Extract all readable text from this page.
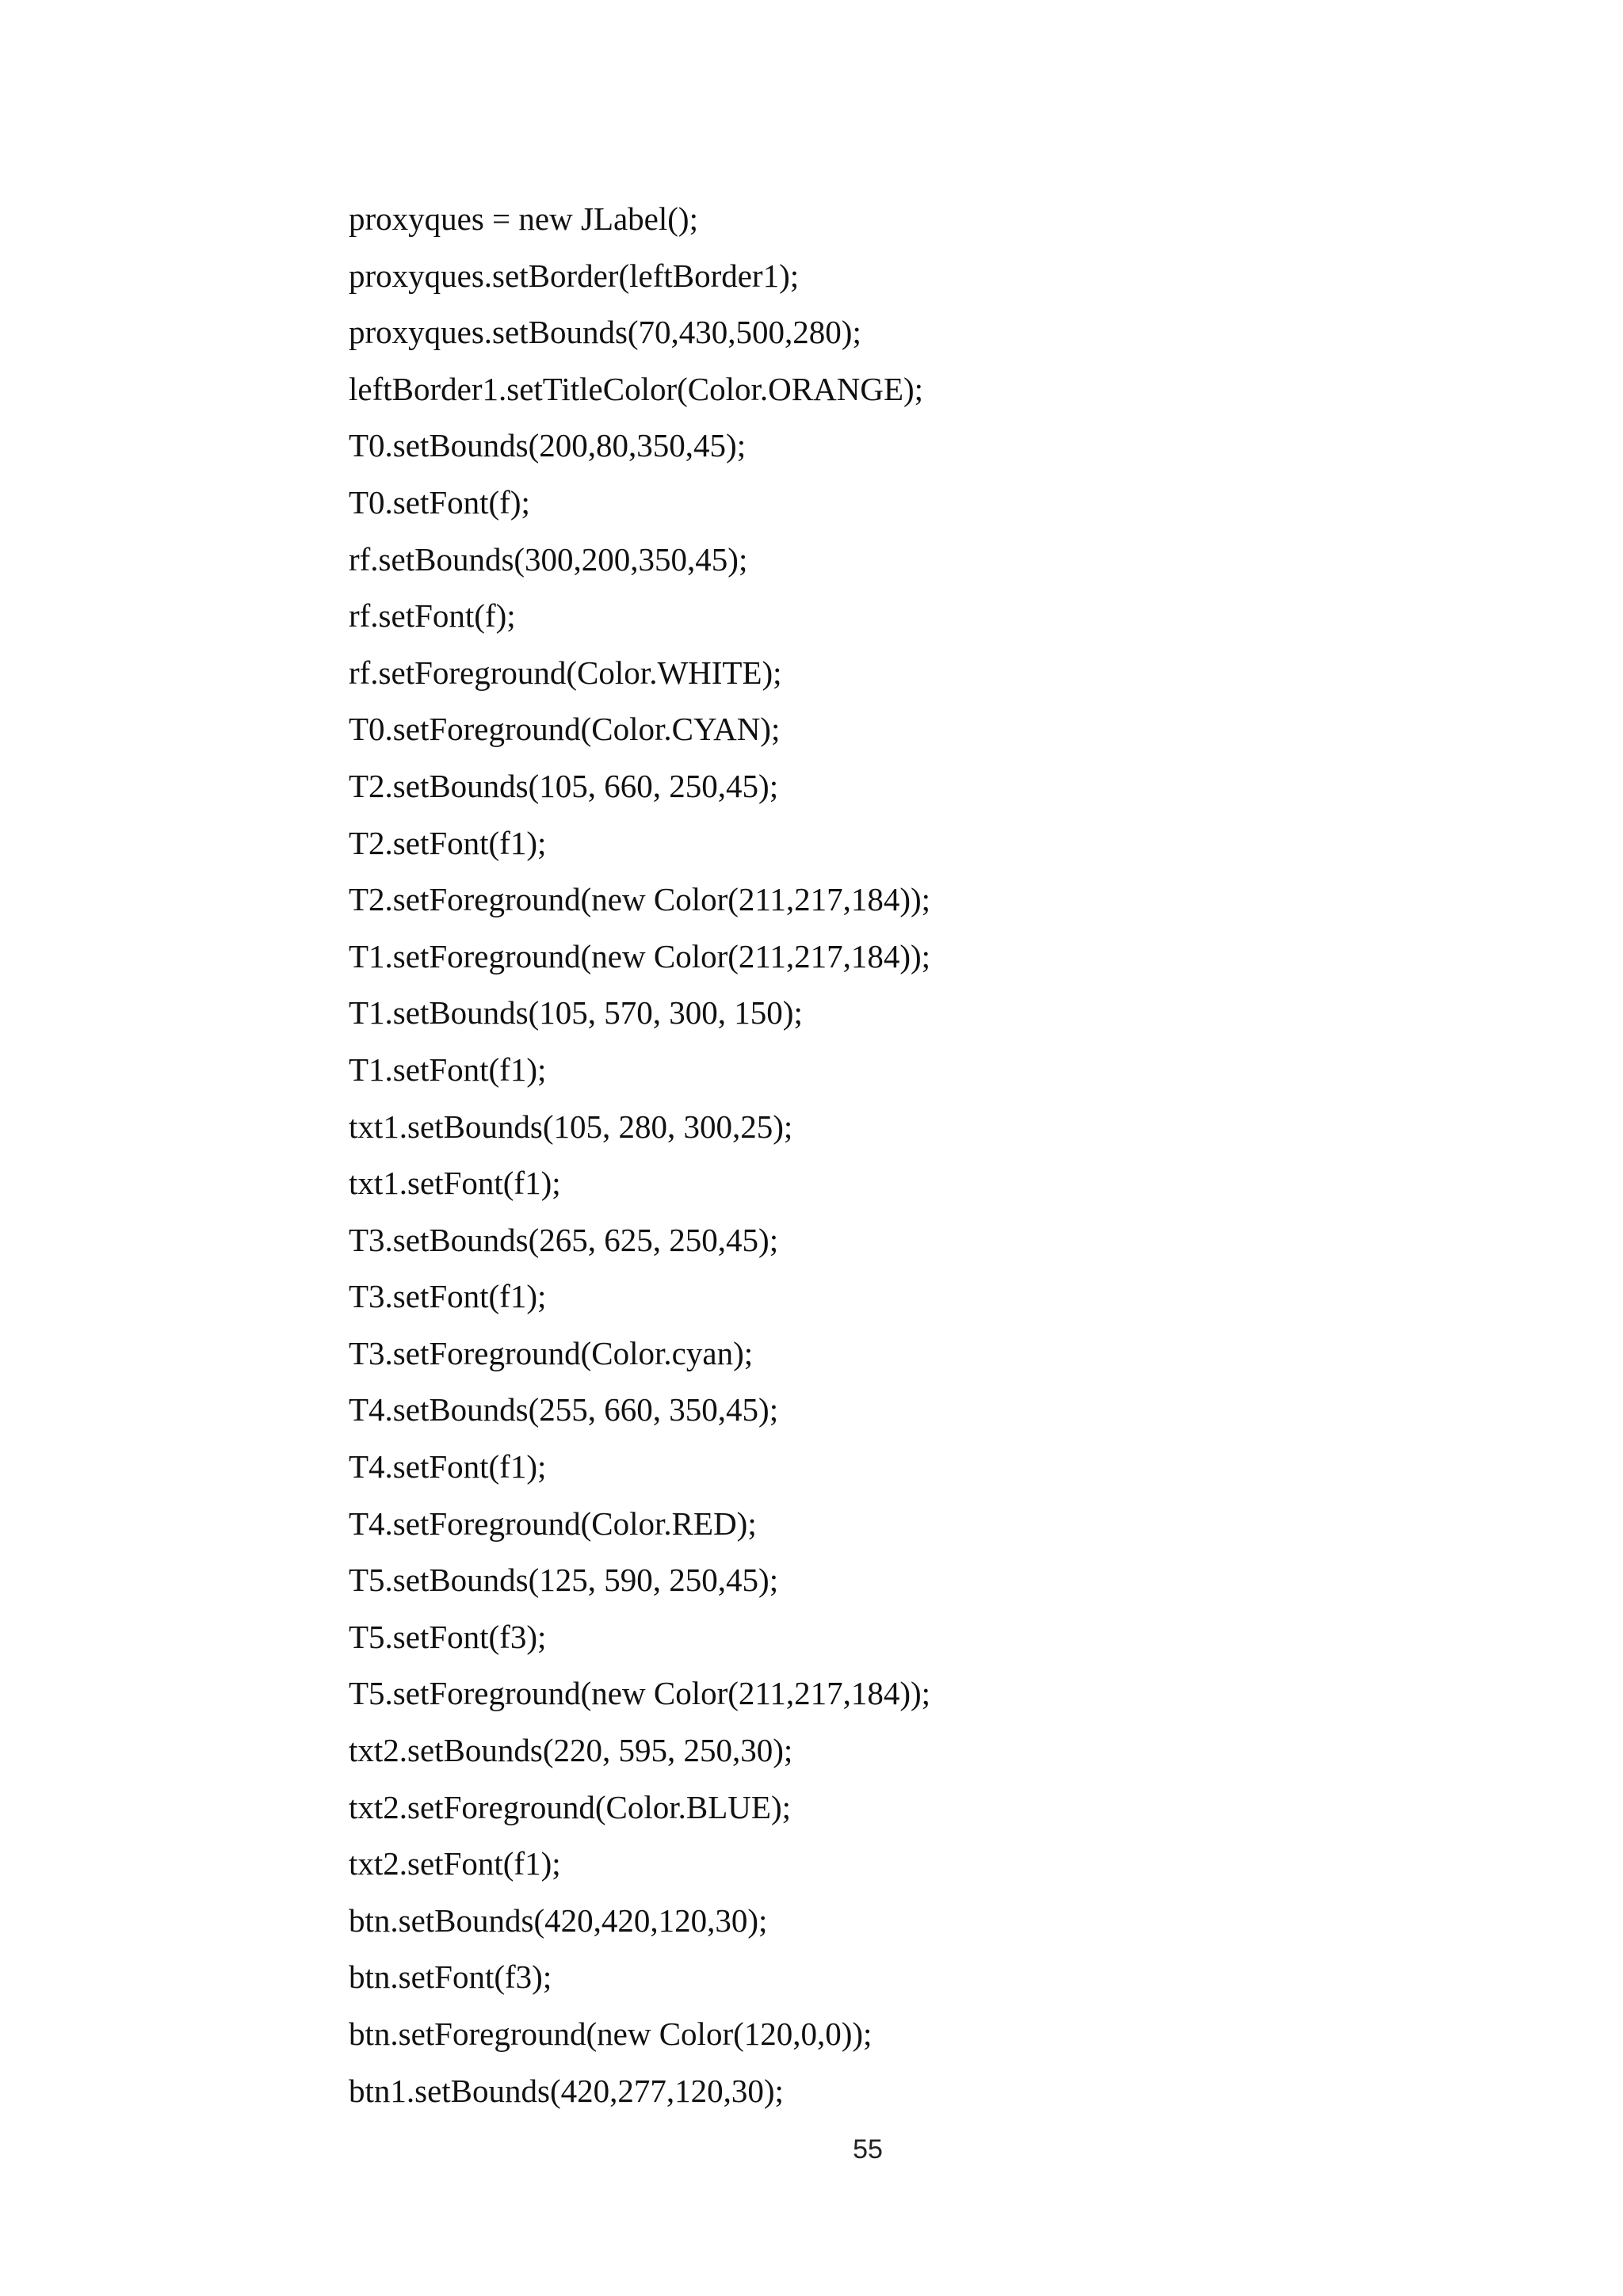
proxyques = new JLabel();
proxyques.setBorder(leftBorder1);
proxyques.setBounds(70,430,500,280);
leftBorder1.setTitleColor(Color.ORANGE);
T0.setBounds(200,80,350,45);
T0.setFont(f);
rf.setBounds(300,200,350,45);
rf.setFont(f);
rf.setForeground(Color.WHITE);
T0.setForeground(Color.CYAN);
T2.setBounds(105, 660, 250,45);
T2.setFont(f1);
T2.setForeground(new Color(211,217,184));
T1.setForeground(new Color(211,217,184));
T1.setBounds(105, 570, 300, 150);
T1.setFont(f1);
txt1.setBounds(105, 280, 300,25);
txt1.setFont(f1);
T3.setBounds(265, 625, 250,45);
T3.setFont(f1);
T3.setForeground(Color.cyan);
T4.setBounds(255, 660, 350,45);
T4.setFont(f1);
T4.setForeground(Color.RED);
T5.setBounds(125, 590, 250,45);
T5.setFont(f3);
T5.setForeground(new Color(211,217,184));
txt2.setBounds(220, 595, 250,30);
txt2.setForeground(Color.BLUE);
txt2.setFont(f1);
btn.setBounds(420,420,120,30);
btn.setFont(f3);
btn.setForeground(new Color(120,0,0));
btn1.setBounds(420,277,120,30);
55
